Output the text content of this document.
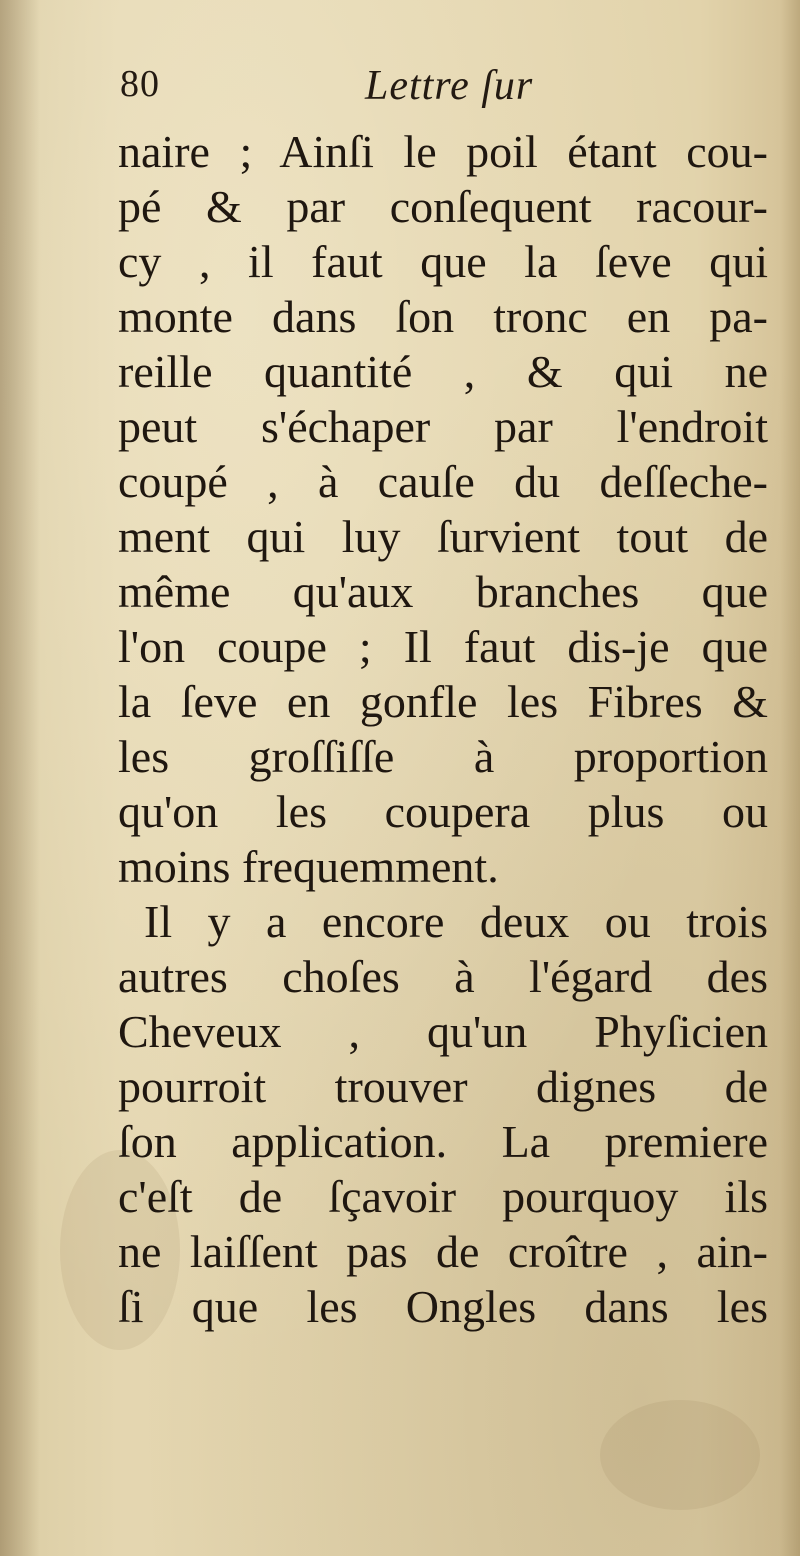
80	Lettre ſur
naire ; Ainſi le poil étant cou-
pé & par conſequent racour-
cy , il faut que la ſeve qui
monte dans ſon tronc en pa-
reille quantité , & qui ne
peut s'échaper par l'endroit
coupé , à cauſe du deſſeche-
ment qui luy ſurvient tout de
même qu'aux branches que
l'on coupe ; Il faut dis-je que
la ſeve en gonfle les Fibres &
les groſſiſſe à proportion
qu'on les coupera plus ou
moins frequemment.
Il y a encore deux ou trois
autres choſes à l'égard des
Cheveux , qu'un Phyſicien
pourroit trouver dignes de
ſon application. La premiere
c'eſt de ſçavoir pourquoy ils
ne laiſſent pas de croître , ain-
ſi que les Ongles dans les
